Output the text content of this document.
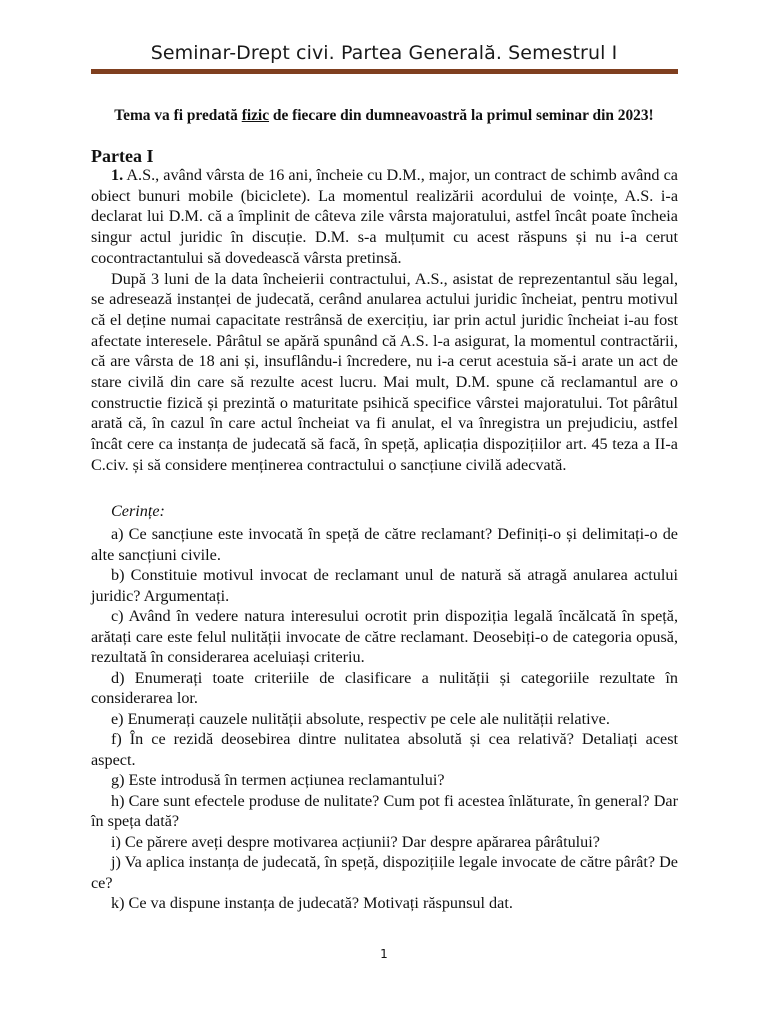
Seminar-Drept civi. Partea Generală. Semestrul I
Tema va fi predată fizic de fiecare din dumneavoastră la primul seminar din 2023!
Partea I

1. A.S., având vârsta de 16 ani, încheie cu D.M., major, un contract de schimb având ca obiect bunuri mobile (biciclete). La momentul realizării acordului de voințe, A.S. i-a declarat lui D.M. că a împlinit de câteva zile vârsta majoratului, astfel încât poate încheia singur actul juridic în discuție. D.M. s-a mulțumit cu acest răspuns și nu i-a cerut cocontractantului să dovedească vârsta pretinsă.

După 3 luni de la data încheierii contractului, A.S., asistat de reprezentantul său legal, se adresează instanței de judecată, cerând anularea actului juridic încheiat, pentru motivul că el deține numai capacitate restrânsă de exercițiu, iar prin actul juridic încheiat i-au fost afectate interesele. Pârâtul se apără spunând că A.S. l-a asigurat, la momentul contractării, că are vârsta de 18 ani și, insuflându-i încredere, nu i-a cerut acestuia să-i arate un act de stare civilă din care să rezulte acest lucru. Mai mult, D.M. spune că reclamantul are o constructie fizică și prezintă o maturitate psihică specifice vârstei majoratului. Tot pârâtul arată că, în cazul în care actul încheiat va fi anulat, el va înregistra un prejudiciu, astfel încât cere ca instanța de judecată să facă, în speță, aplicația dispozițiilor art. 45 teza a II-a C.civ. și să considere menținerea contractului o sancțiune civilă adecvată.

Cerințe:

a) Ce sancțiune este invocată în speță de către reclamant? Definiți-o și delimitați-o de alte sancțiuni civile.

b) Constituie motivul invocat de reclamant unul de natură să atragă anularea actului juridic? Argumentați.

c) Având în vedere natura interesului ocrotit prin dispoziția legală încălcată în speță, arătați care este felul nulității invocate de către reclamant. Deosebiți-o de categoria opusă, rezultată în considerarea aceluiași criteriu.

d) Enumerați toate criteriile de clasificare a nulității și categoriile rezultate în considerarea lor.

e) Enumerați cauzele nulității absolute, respectiv pe cele ale nulității relative.

f) În ce rezidă deosebirea dintre nulitatea absolută și cea relativă? Detaliați acest aspect.

g) Este introdusă în termen acțiunea reclamantului?

h) Care sunt efectele produse de nulitate? Cum pot fi acestea înlăturate, în general? Dar în speța dată?

i) Ce părere aveți despre motivarea acțiunii? Dar despre apărarea pârâtului?

j) Va aplica instanța de judecată, în speță, dispozițiile legale invocate de către pârât? De ce?

k) Ce va dispune instanța de judecată? Motivați răspunsul dat.

1
